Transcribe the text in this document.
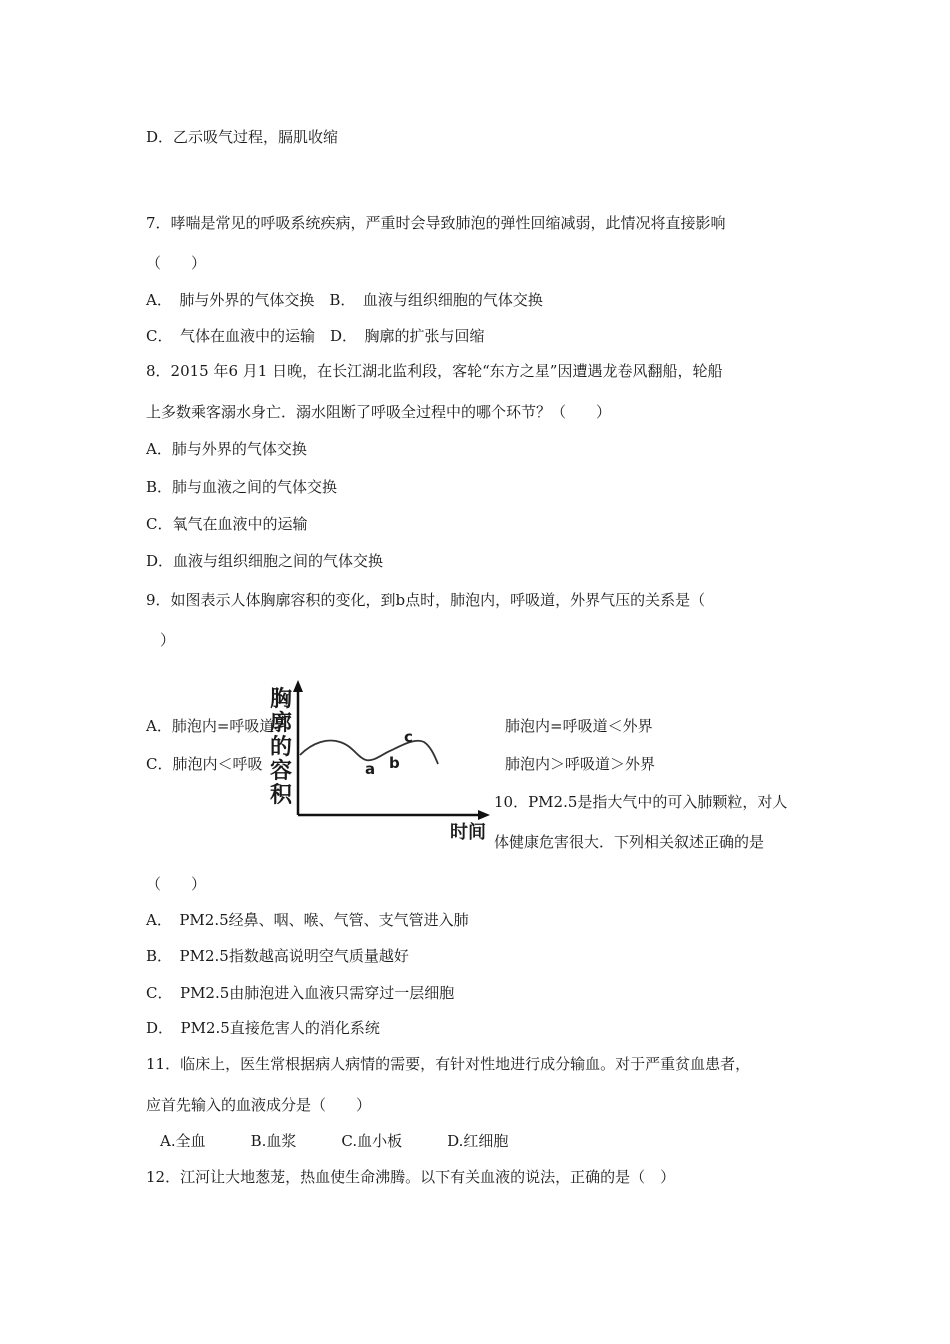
D．乙示吸气过程，膈肌收缩
7．哮喘是常见的呼吸系统疾病，严重时会导致肺泡的弹性回缩减弱，此情况将直接影响
（　　）
A．　肺与外界的气体交换　B．　血液与组织细胞的气体交换
C．　气体在血液中的运输　D．　胸廓的扩张与回缩
8．2015 年6 月1 日晚，在长江湖北监利段，客轮“东方之星”因遭遇龙卷风翻船，轮船
上多数乘客溺水身亡．溺水阻断了呼吸全过程中的哪个环节？（　　）
A．肺与外界的气体交换
B．肺与血液之间的气体交换
C．氧气在血液中的运输
D．血液与组织细胞之间的气体交换
9．如图表示人体胸廓容积的变化，到b点时，肺泡内，呼吸道，外界气压的关系是（
）
A．肺泡内=呼吸道	肺泡内=呼吸道＜外界
C．肺泡内＜呼吸	肺泡内＞呼吸道＞外界
10．PM2.5是指大气中的可入肺颗粒，对人
体健康危害很大．下列相关叙述正确的是
（　　）
A．　PM2.5经鼻、咽、喉、气管、支气管进入肺
B．　PM2.5指数越高说明空气质量越好
C．　PM2.5由肺泡进入血液只需穿过一层细胞
D．　PM2.5直接危害人的消化系统
11．临床上，医生常根据病人病情的需要，有针对性地进行成分输血。对于严重贫血患者，
应首先输入的血液成分是（　　）
A.全血　　　B.血浆　　　C.血小板　　　D.红细胞
12．江河让大地葱茏，热血使生命沸腾。以下有关血液的说法，正确的是（　）
胸廓的容积
时间
a b
c
